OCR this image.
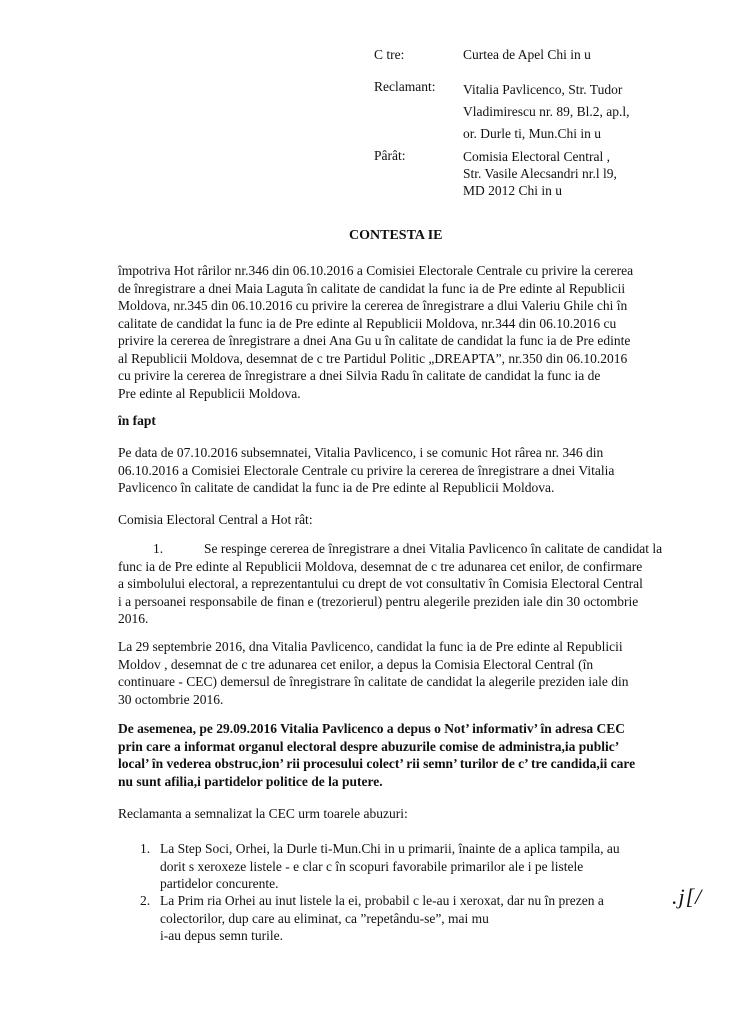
C tre:	Curtea de Apel Chi in u
Reclamant: Vitalia Pavlicenco, Str. Tudor
Vladimirescu nr. 89, Bl.2, ap.l,
or. Durle ti, Mun.Chi in u
Pârât:	Comisia Electoral Central ,
Str. Vasile Alecsandri nr.l l9,
MD 2012 Chi in u
CONTESTA IE
împotriva Hot rârilor nr.346 din 06.10.2016 a Comisiei Electorale Centrale cu privire la cererea
de înregistrare a dnei Maia Laguta în calitate de candidat la func ia de Pre edinte al Republicii
Moldova, nr.345 din 06.10.2016 cu privire la cererea de înregistrare a dlui Valeriu Ghile chi în
calitate de candidat la func ia de Pre edinte al Republicii Moldova, nr.344 din 06.10.2016 cu
privire la cererea de înregistrare a dnei Ana Gu u în calitate de candidat la func ia de Pre edinte
al Republicii Moldova, desemnat de c tre Partidul Politic „DREAPTA”, nr.350 din 06.10.2016
cu privire la cererea de înregistrare a dnei Silvia Radu în calitate de candidat la func ia de
Pre edinte al Republicii Moldova.
în fapt
Pe data de 07.10.2016 subsemnatei, Vitalia Pavlicenco, i se comunic Hot rârea nr. 346 din
06.10.2016 a Comisiei Electorale Centrale cu privire la cererea de înregistrare a dnei Vitalia
Pavlicenco în calitate de candidat la func ia de Pre edinte al Republicii Moldova.
Comisia Electoral Central a Hot rât:
1.	Se respinge cererea de înregistrare a dnei Vitalia Pavlicenco în calitate de candidat la
func ia de Pre edinte al Republicii Moldova, desemnat de c tre adunarea cet enilor, de confirmare
a simbolului electoral, a reprezentantului cu drept de vot consultativ în Comisia Electoral Central
i a persoanei responsabile de finan e (trezorierul) pentru alegerile preziden iale din 30 octombrie
2016.
La 29 septembrie 2016, dna Vitalia Pavlicenco, candidat la func ia de Pre edinte al Republicii
Moldov , desemnat de c tre adunarea cet enilor, a depus la Comisia Electoral Central (în
continuare - CEC) demersul de înregistrare în calitate de candidat la alegerile preziden iale din
30 octombrie 2016.
De asemenea, pe 29.09.2016 Vitalia Pavlicenco a depus o Not’ informativ’ în adresa CEC
prin care a informat organul electoral despre abuzurile comise de administra,ia public’
local’ în vederea obstruc,ion’ rii procesului colect’ rii semn’ turilor de c’ tre candida,ii care
nu sunt afilia,i partidelor politice de la putere.
Reclamanta a semnalizat la CEC urm toarele abuzuri:
1. La Step Soci, Orhei, la Durle ti-Mun.Chi in u primarii, înainte de a aplica tampila, au
dorit s xeroxeze listele - e clar c în scopuri favorabile primarilor ale i pe listele
partidelor concurente.
2. La Prim ria Orhei au inut listele la ei, probabil c le-au i xeroxat, dar nu în prezen a
colectorilor, dup care au eliminat, ca ”repetându-se”, mai mu
i-au depus semn turile.
.j[/
